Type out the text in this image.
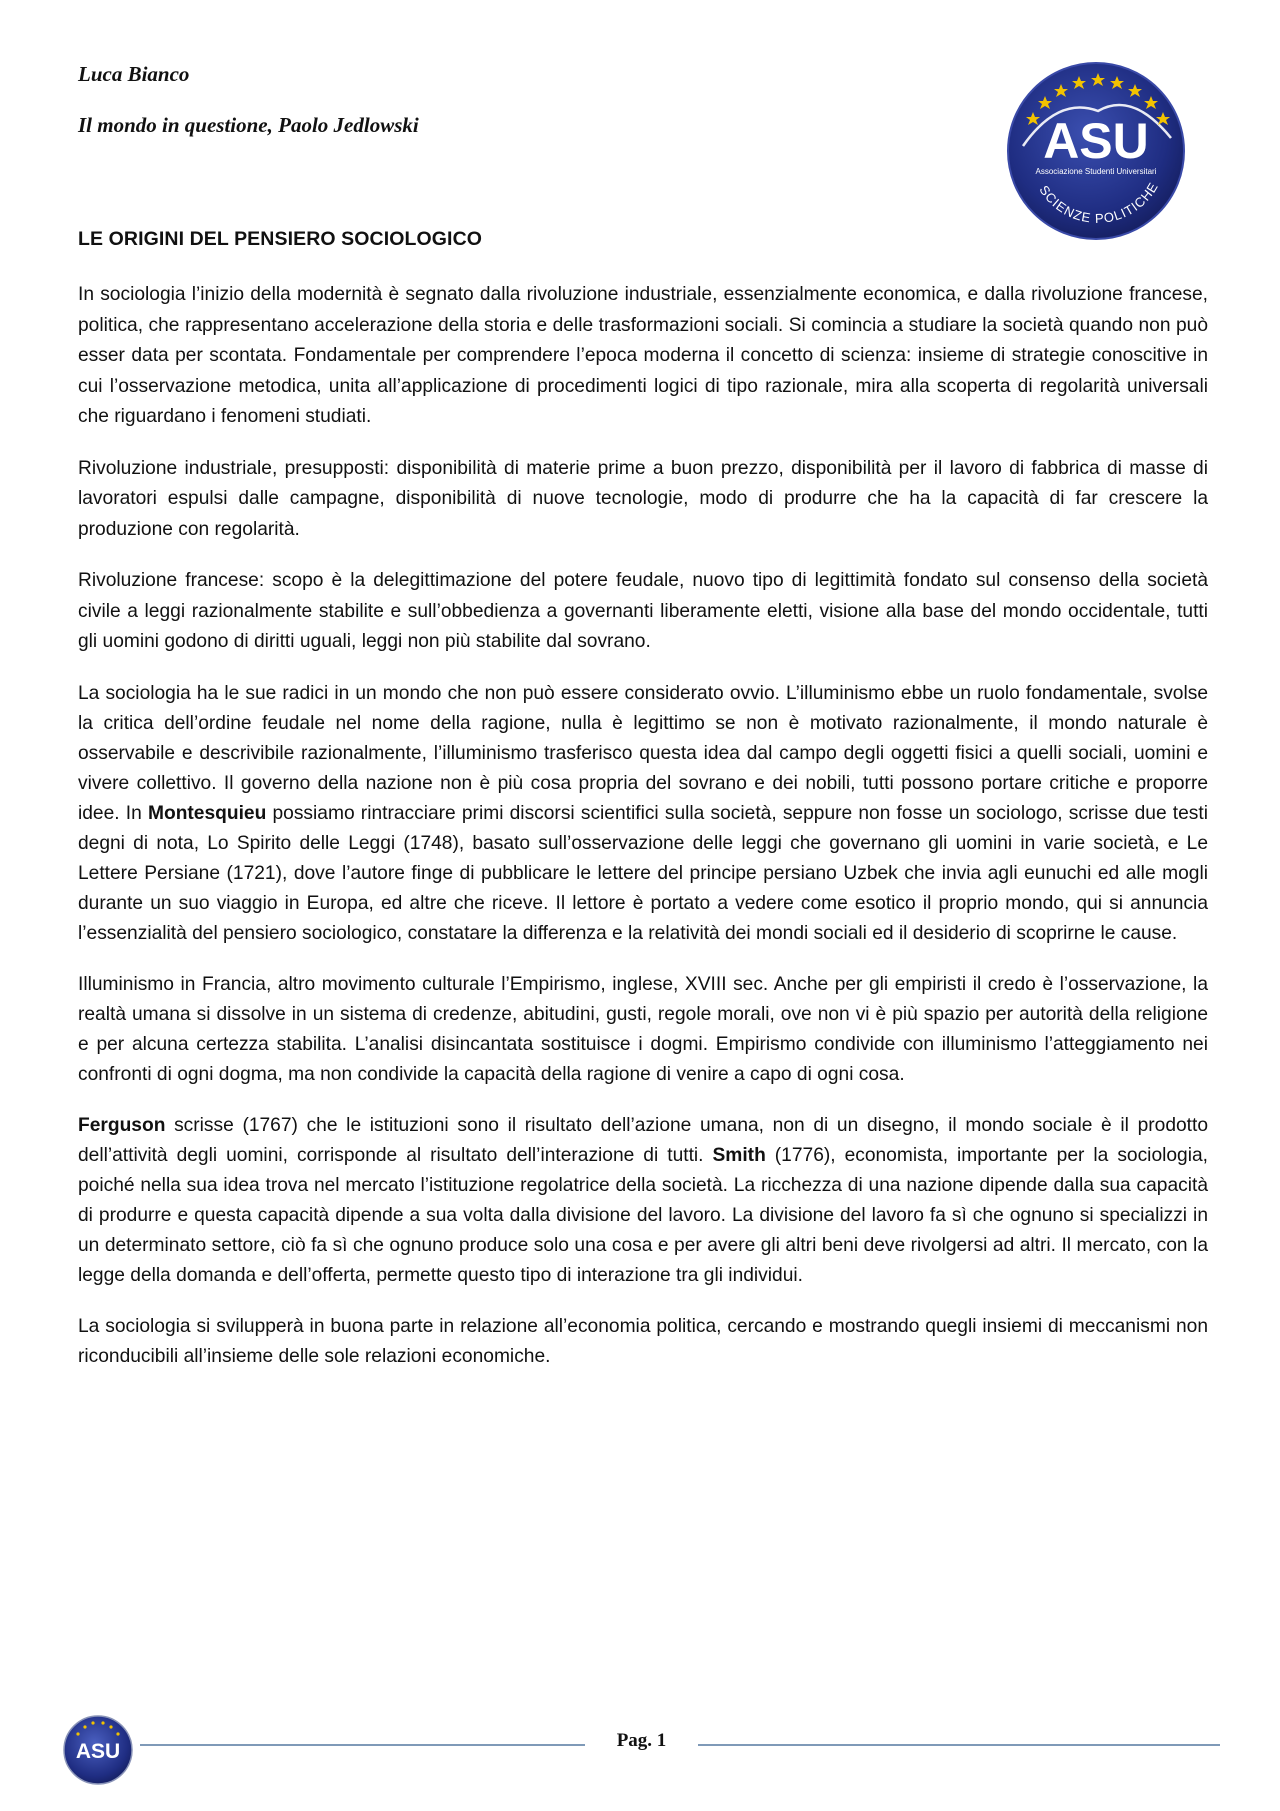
Luca Bianco

Il mondo in questione, Paolo Jedlowski	ASU
Associazione Studenti Universitari
SCIENZE POLITICHE
LE ORIGINI DEL PENSIERO SOCIOLOGICO

In sociologia l’inizio della modernità è segnato dalla rivoluzione industriale, essenzialmente economica, e dalla rivoluzione francese, politica, che rappresentano accelerazione della storia e delle trasformazioni sociali. Si comincia a studiare la società quando non può esser data per scontata. Fondamentale per comprendere l’epoca moderna il concetto di scienza: insieme di strategie conoscitive in cui l’osservazione metodica, unita all’applicazione di procedimenti logici di tipo razionale, mira alla scoperta di regolarità universali che riguardano i fenomeni studiati.

Rivoluzione industriale, presupposti: disponibilità di materie prime a buon prezzo, disponibilità per il lavoro di fabbrica di masse di lavoratori espulsi dalle campagne, disponibilità di nuove tecnologie, modo di produrre che ha la capacità di far crescere la produzione con regolarità.

Rivoluzione francese: scopo è la delegittimazione del potere feudale, nuovo tipo di legittimità fondato sul consenso della società civile a leggi razionalmente stabilite e sull’obbedienza a governanti liberamente eletti, visione alla base del mondo occidentale, tutti gli uomini godono di diritti uguali, leggi non più stabilite dal sovrano.

La sociologia ha le sue radici in un mondo che non può essere considerato ovvio. L’illuminismo ebbe un ruolo fondamentale, svolse la critica dell’ordine feudale nel nome della ragione, nulla è legittimo se non è motivato razionalmente, il mondo naturale è osservabile e descrivibile razionalmente, l’illuminismo trasferisco questa idea dal campo degli oggetti fisici a quelli sociali, uomini e vivere collettivo. Il governo della nazione non è più cosa propria del sovrano e dei nobili, tutti possono portare critiche e proporre idee. In Montesquieu possiamo rintracciare primi discorsi scientifici sulla società, seppure non fosse un sociologo, scrisse due testi degni di nota, Lo Spirito delle Leggi (1748), basato sull’osservazione delle leggi che governano gli uomini in varie società, e Le Lettere Persiane (1721), dove l’autore finge di pubblicare le lettere del principe persiano Uzbek che invia agli eunuchi ed alle mogli durante un suo viaggio in Europa, ed altre che riceve. Il lettore è portato a vedere come esotico il proprio mondo, qui si annuncia l’essenzialità del pensiero sociologico, constatare la differenza e la relatività dei mondi sociali ed il desiderio di scoprirne le cause.

Illuminismo in Francia, altro movimento culturale l’Empirismo, inglese, XVIII sec. Anche per gli empiristi il credo è l’osservazione, la realtà umana si dissolve in un sistema di credenze, abitudini, gusti, regole morali, ove non vi è più spazio per autorità della religione e per alcuna certezza stabilita. L’analisi disincantata sostituisce i dogmi. Empirismo condivide con illuminismo l’atteggiamento nei confronti di ogni dogma, ma non condivide la capacità della ragione di venire a capo di ogni cosa.

Ferguson scrisse (1767) che le istituzioni sono il risultato dell’azione umana, non di un disegno, il mondo sociale è il prodotto dell’attività degli uomini, corrisponde al risultato dell’interazione di tutti. Smith (1776), economista, importante per la sociologia, poiché nella sua idea trova nel mercato l’istituzione regolatrice della società. La ricchezza di una nazione dipende dalla sua capacità di produrre e questa capacità dipende a sua volta dalla divisione del lavoro. La divisione del lavoro fa sì che ognuno si specializzi in un determinato settore, ciò fa sì che ognuno produce solo una cosa e per avere gli altri beni deve rivolgersi ad altri. Il mercato, con la legge della domanda e dell’offerta, permette questo tipo di interazione tra gli individui.

La sociologia si svilupperà in buona parte in relazione all’economia politica, cercando e mostrando quegli insiemi di meccanismi non riconducibili all’insieme delle sole relazioni economiche.

ASU	Pag. 1
